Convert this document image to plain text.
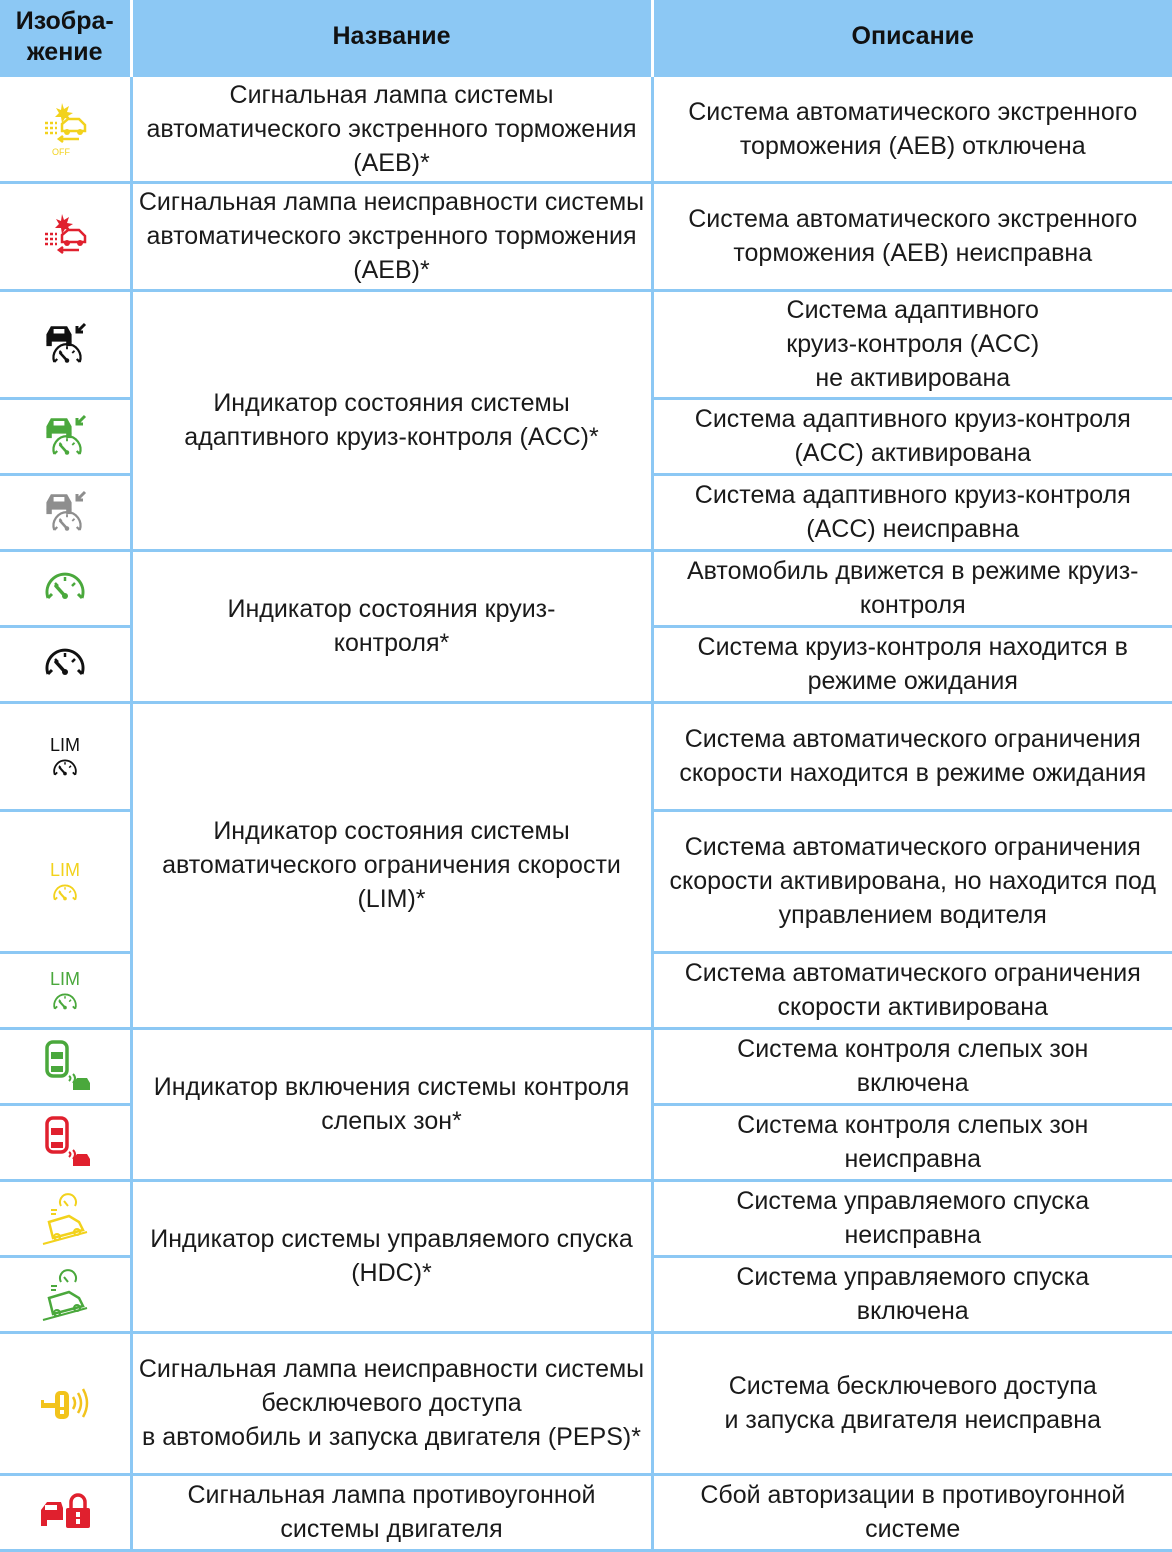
Изобра-
жение	Название	Описание

OFF	Сигнальная лампа системы автоматического экстренного торможения (AEB)*	Система автоматического экстренного торможения (AEB) отключена

	Сигнальная лампа неисправности системы автоматического экстренного торможения (AEB)*	Система автоматического экстренного торможения (AEB) неисправна

	Индикатор состояния системы адаптивного круиз-контроля (ACC)*	Система адаптивного
круиз-контроля (ACC)
не активирована

	Система адаптивного круиз-контроля (ACC) активирована

	Система адаптивного круиз-контроля (ACC) неисправна

	Индикатор состояния круиз-
контроля*	Автомобиль движется в режиме круиз-контроля

	Система круиз-контроля находится в режиме ожидания

LIM	Индикатор состояния системы автоматического ограничения скорости (LIM)*	Система автоматического ограничения скорости находится в режиме ожидания

LIM		Система автоматического ограничения скорости активирована, но находится под управлением водителя

LIM		Система автоматического ограничения скорости активирована

	Индикатор включения системы контроля слепых зон*	Система контроля слепых зон
включена

	Система контроля слепых зон
неисправна

	Индикатор системы управляемого спуска (HDC)*	Система управляемого спуска
неисправна

	Система управляемого спуска
включена

	Сигнальная лампа неисправности системы бесключевого доступа
в автомобиль и запуска двигателя (PEPS)*	Система бесключевого доступа
и запуска двигателя неисправна

	Сигнальная лампа противоугонной системы двигателя	Сбой авторизации в противоугонной системе
